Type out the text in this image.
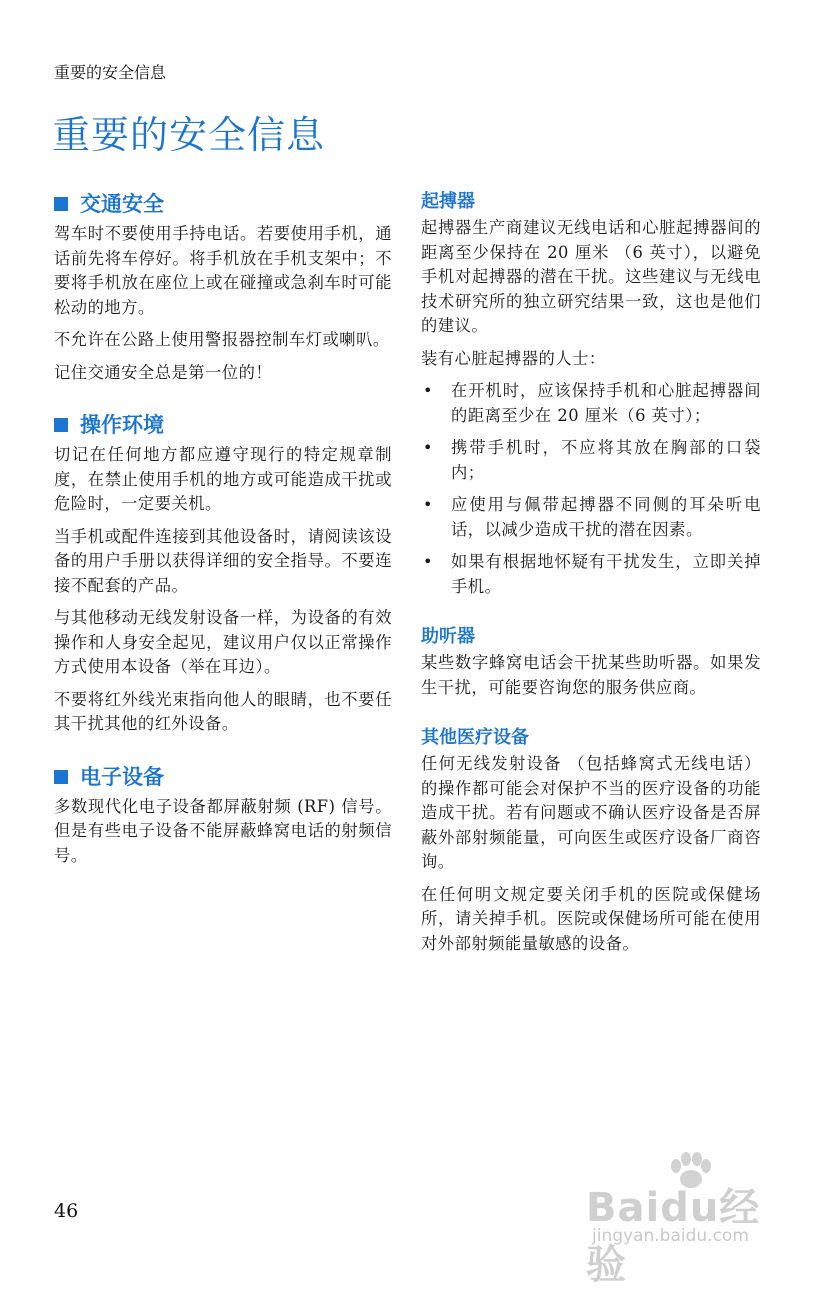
重要的安全信息
重要的安全信息
交通安全

驾车时不要使用手持电话。若要使用手机，通话前先将车停好。将手机放在手机支架中；不要将手机放在座位上或在碰撞或急刹车时可能松动的地方。

不允许在公路上使用警报器控制车灯或喇叭。

记住交通安全总是第一位的！

操作环境

切记在任何地方都应遵守现行的特定规章制度，在禁止使用手机的地方或可能造成干扰或危险时，一定要关机。

当手机或配件连接到其他设备时，请阅读该设备的用户手册以获得详细的安全指导。不要连接不配套的产品。

与其他移动无线发射设备一样，为设备的有效操作和人身安全起见，建议用户仅以正常操作方式使用本设备（举在耳边）。

不要将红外线光束指向他人的眼睛，也不要任其干扰其他的红外设备。

电子设备

多数现代化电子设备都屏蔽射频 (RF) 信号。但是有些电子设备不能屏蔽蜂窝电话的射频信号。

起搏器

起搏器生产商建议无线电话和心脏起搏器间的距离至少保持在 20 厘米 （6 英寸），以避免手机对起搏器的潜在干扰。这些建议与无线电技术研究所的独立研究结果一致，这也是他们的建议。

装有心脏起搏器的人士：

• 在开机时，应该保持手机和心脏起搏器间的距离至少在 20 厘米（6 英寸）；
• 携带手机时，不应将其放在胸部的口袋内；
• 应使用与佩带起搏器不同侧的耳朵听电话，以减少造成干扰的潜在因素。
• 如果有根据地怀疑有干扰发生，立即关掉手机。
助听器

某些数字蜂窝电话会干扰某些助听器。如果发生干扰，可能要咨询您的服务供应商。

其他医疗设备

任何无线发射设备 （包括蜂窝式无线电话）的操作都可能会对保护不当的医疗设备的功能造成干扰。若有问题或不确认医疗设备是否屏蔽外部射频能量，可向医生或医疗设备厂商咨询。

在任何明文规定要关闭手机的医院或保健场所，请关掉手机。医院或保健场所可能在使用对外部射频能量敏感的设备。

46	Baidu经验
jingyan.baidu.com
